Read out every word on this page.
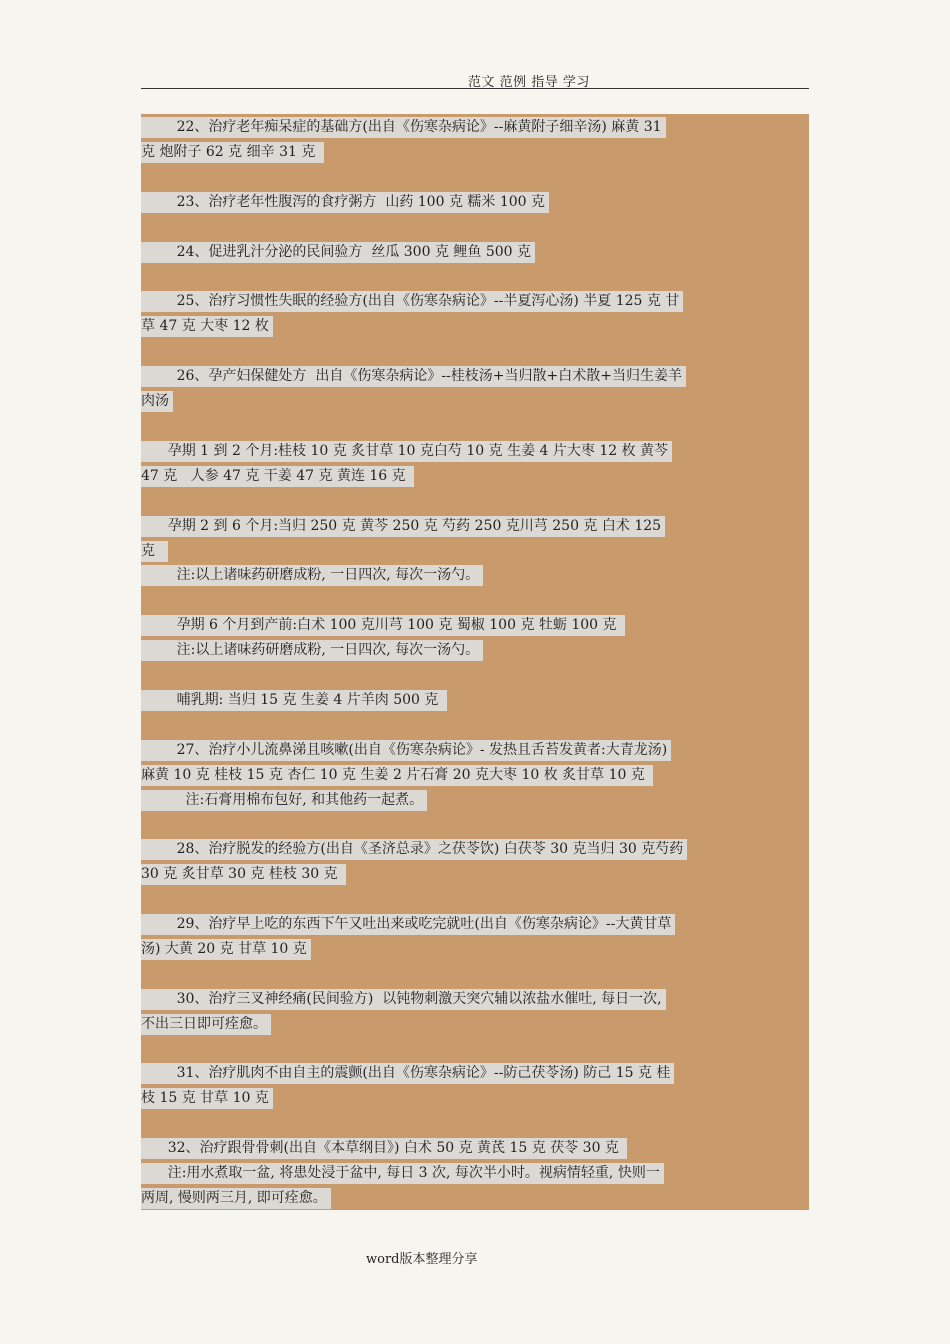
范文 范例 指导 学习
22、治疗老年痴呆症的基础方(出自《伤寒杂病论》--麻黄附子细辛汤) 麻黄 31
克 炮附子 62 克 细辛 31 克
23、治疗老年性腹泻的食疗粥方  山药 100 克 糯米 100 克
24、促进乳汁分泌的民间验方  丝瓜 300 克 鲤鱼 500 克
25、治疗习惯性失眠的经验方(出自《伤寒杂病论》--半夏泻心汤) 半夏 125 克 甘
草 47 克 大枣 12 枚
26、孕产妇保健处方  出自《伤寒杂病论》--桂枝汤+当归散+白术散+当归生姜羊
肉汤
孕期 1 到 2 个月:桂枝 10 克 炙甘草 10 克白芍 10 克 生姜 4 片大枣 12 枚 黄芩
47 克   人参 47 克 干姜 47 克 黄连 16 克
孕期 2 到 6 个月:当归 250 克 黄芩 250 克 芍药 250 克川芎 250 克 白术 125
克
注:以上诸味药研磨成粉, 一日四次, 每次一汤勺。
孕期 6 个月到产前:白术 100 克川芎 100 克 蜀椒 100 克 牡蛎 100 克
注:以上诸味药研磨成粉, 一日四次, 每次一汤勺。
哺乳期: 当归 15 克 生姜 4 片羊肉 500 克
27、治疗小儿流鼻涕且咳嗽(出自《伤寒杂病论》- 发热且舌苔发黄者:大青龙汤)
麻黄 10 克 桂枝 15 克 杏仁 10 克 生姜 2 片石膏 20 克大枣 10 枚 炙甘草 10 克
注:石膏用棉布包好, 和其他药一起煮。
28、治疗脱发的经验方(出自《圣济总录》之茯苓饮) 白茯苓 30 克当归 30 克芍药
30 克 炙甘草 30 克 桂枝 30 克
29、治疗早上吃的东西下午又吐出来或吃完就吐(出自《伤寒杂病论》--大黄甘草
汤) 大黄 20 克 甘草 10 克
30、治疗三叉神经痛(民间验方)  以钝物刺激天突穴辅以浓盐水催吐, 每日一次,
不出三日即可痊愈。
31、治疗肌肉不由自主的震颤(出自《伤寒杂病论》--防己茯苓汤) 防己 15 克 桂
枝 15 克 甘草 10 克
32、治疗跟骨骨刺(出自《本草纲目》) 白术 50 克 黄芪 15 克 茯苓 30 克
注:用水煮取一盆, 将患处浸于盆中, 每日 3 次, 每次半小时。视病情轻重, 快则一
两周, 慢则两三月, 即可痊愈。
word版本整理分享
